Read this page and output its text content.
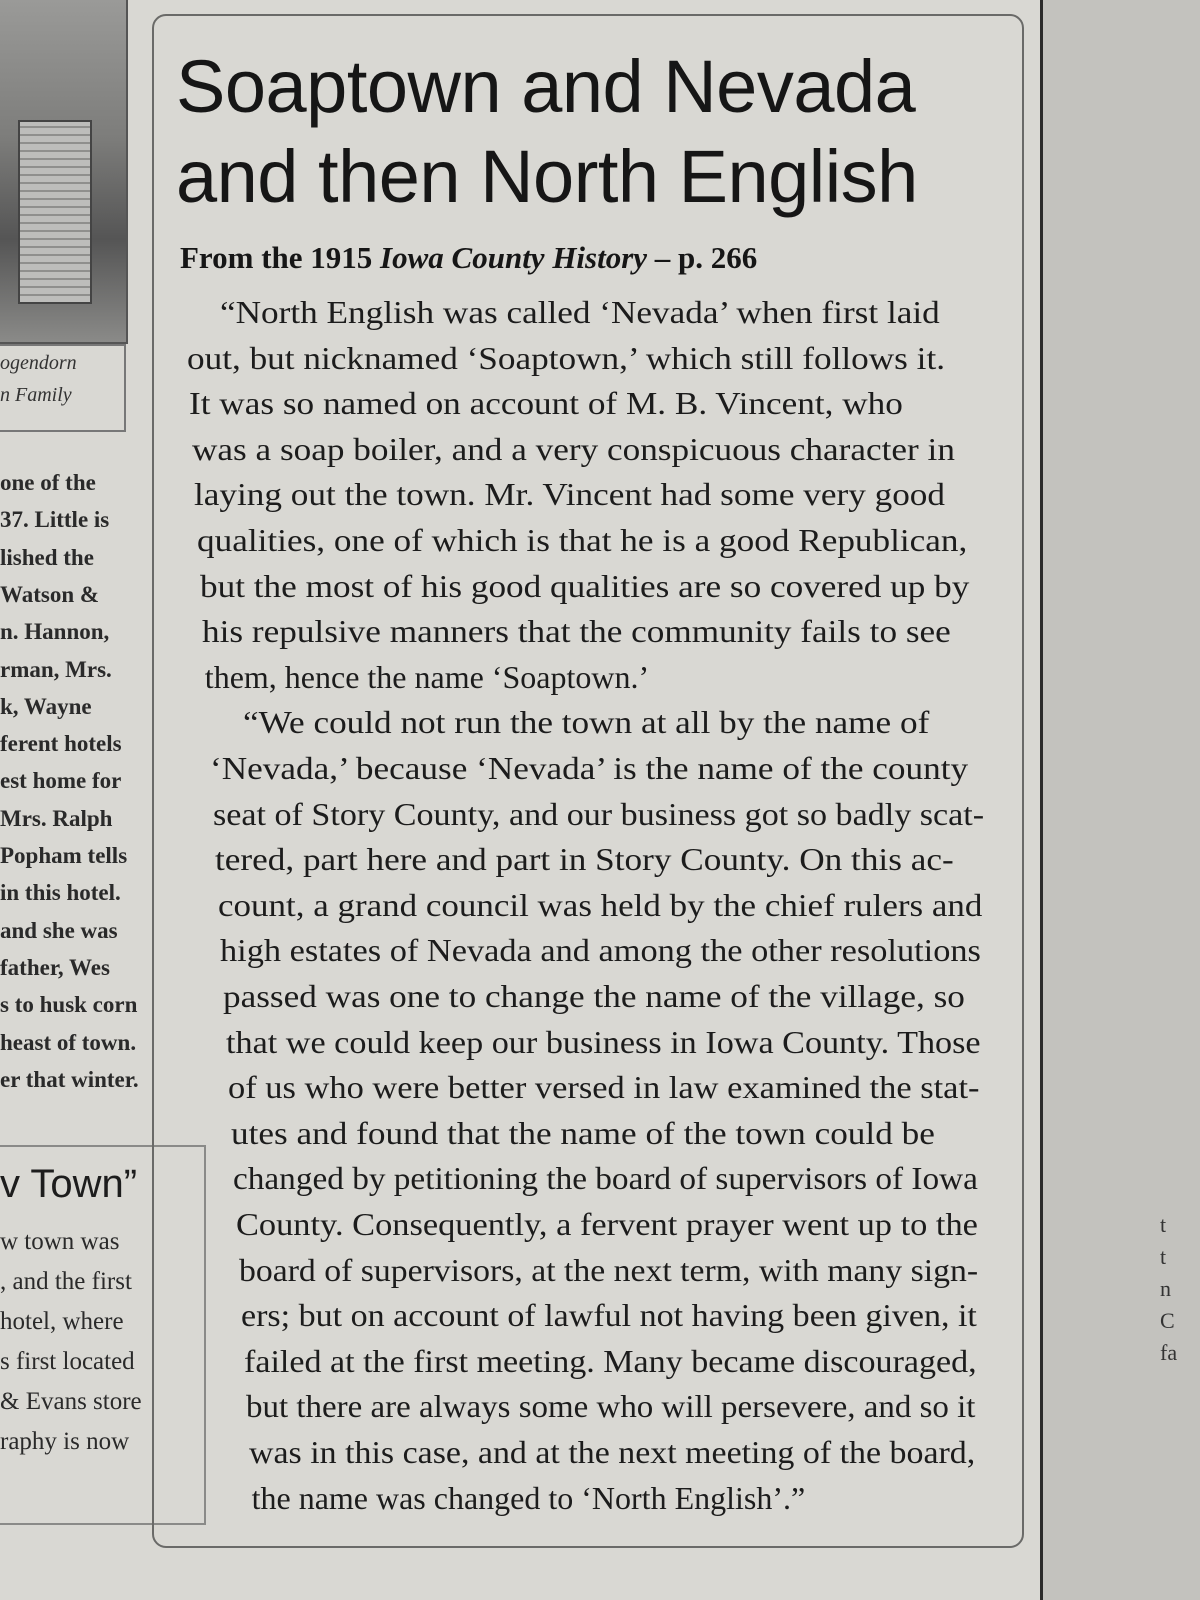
ogendorn
n Family
one of the
37. Little is
lished the
Watson &
n. Hannon,
rman, Mrs.
k, Wayne
ferent hotels
est home for
Mrs. Ralph
Popham tells
in this hotel.
and she was
father, Wes
s to husk corn
heast of town.
er that winter.
v Town”
w town was
, and the first
hotel, where
s first located
& Evans store
raphy is now
Soaptown and Nevada
and then North English
From the 1915 Iowa County History – p. 266
“North English was called ‘Nevada’ when first laid
out, but nicknamed ‘Soaptown,’ which still follows it.
It was so named on account of M. B. Vincent, who
was a soap boiler, and a very conspicuous character in
laying out the town. Mr. Vincent had some very good
qualities, one of which is that he is a good Republican,
but the most of his good qualities are so covered up by
his repulsive manners that the community fails to see
them, hence the name ‘Soaptown.’
“We could not run the town at all by the name of
‘Nevada,’ because ‘Nevada’ is the name of the county
seat of Story County, and our business got so badly scat-
tered, part here and part in Story County. On this ac-
count, a grand council was held by the chief rulers and
high estates of Nevada and among the other resolutions
passed was one to change the name of the village, so
that we could keep our business in Iowa County. Those
of us who were better versed in law examined the stat-
utes and found that the name of the town could be
changed by petitioning the board of supervisors of Iowa
County. Consequently, a fervent prayer went up to the
board of supervisors, at the next term, with many sign-
ers; but on account of lawful not having been given, it
failed at the first meeting. Many became discouraged,
but there are always some who will persevere, and so it
was in this case, and at the next meeting of the board,
the name was changed to ‘North English’.”
t
t
n
C
fa
